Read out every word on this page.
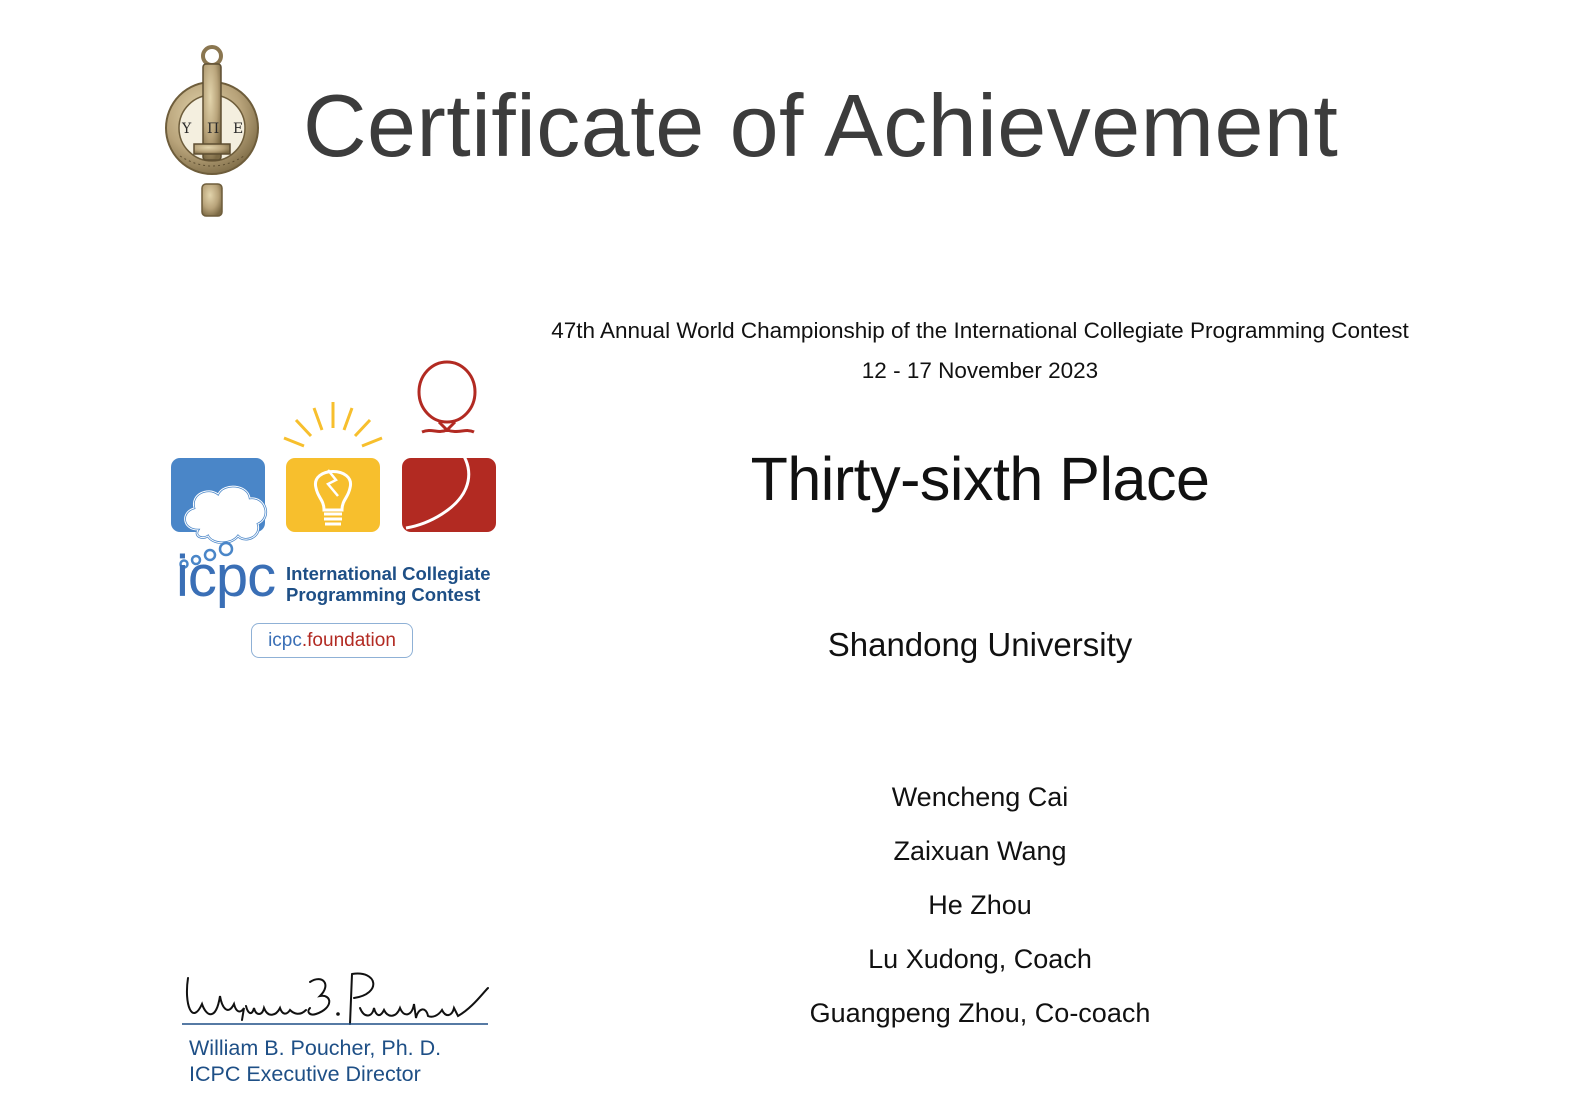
Υ Π Ε Certificate of Achievement
icpc International Collegiate
Programming Contest
icpc.foundation
47th Annual World Championship of the International Collegiate Programming Contest
12 - 17 November 2023
Thirty-sixth Place
Shandong University
Wencheng Cai
Zaixuan Wang
He Zhou
Lu Xudong, Coach
Guangpeng Zhou, Co-coach
William B. Poucher, Ph. D.
ICPC Executive Director
